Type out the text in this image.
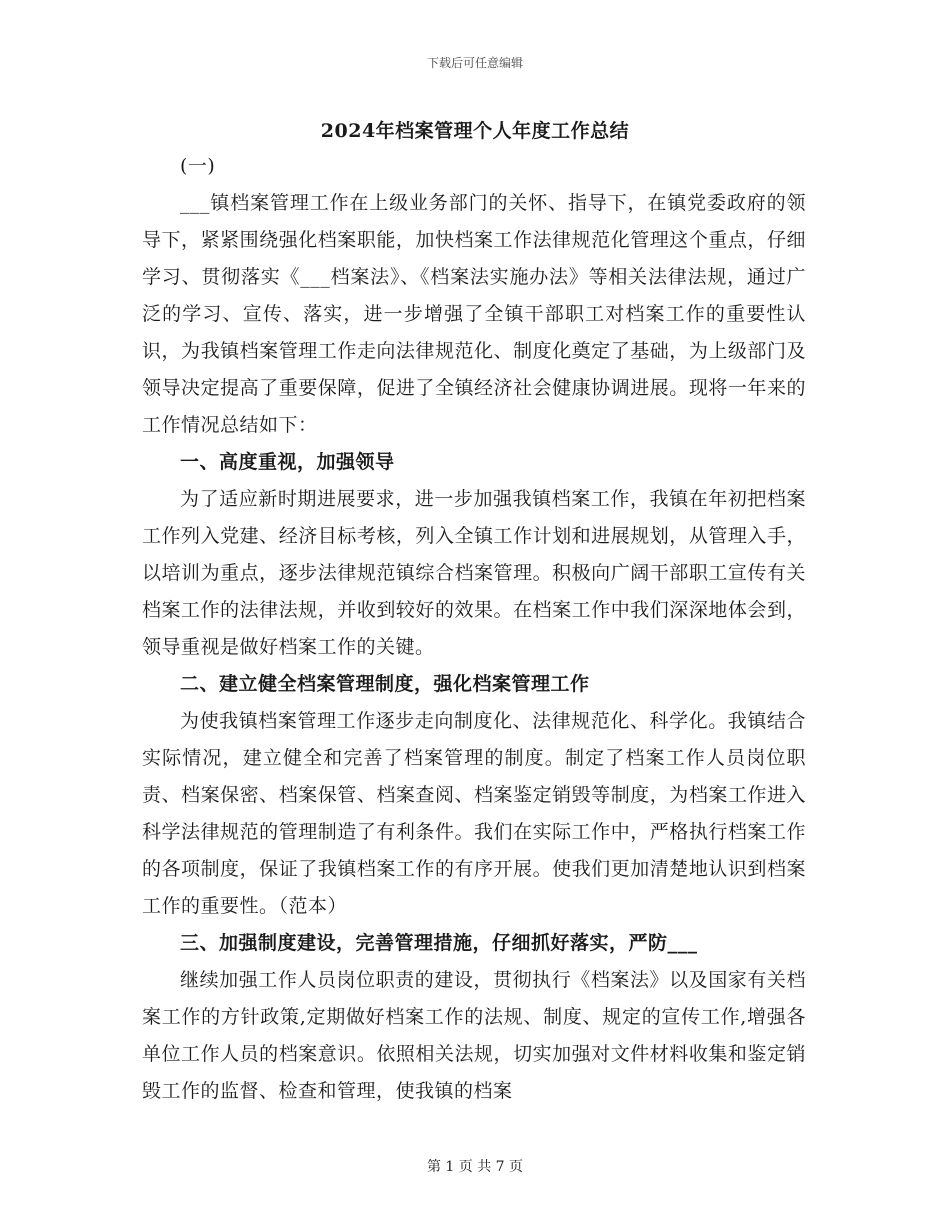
下载后可任意编辑
2024年档案管理个人年度工作总结

(一)

___镇档案管理工作在上级业务部门的关怀、指导下，在镇党委政府的领导下，紧紧围绕强化档案职能，加快档案工作法律规范化管理这个重点，仔细学习、贯彻落实《___档案法》、《档案法实施办法》等相关法律法规，通过广泛的学习、宣传、落实，进一步增强了全镇干部职工对档案工作的重要性认识，为我镇档案管理工作走向法律规范化、制度化奠定了基础，为上级部门及领导决定提高了重要保障，促进了全镇经济社会健康协调进展。现将一年来的工作情况总结如下：

一、高度重视，加强领导

为了适应新时期进展要求，进一步加强我镇档案工作，我镇在年初把档案工作列入党建、经济目标考核，列入全镇工作计划和进展规划，从管理入手，以培训为重点，逐步法律规范镇综合档案管理。积极向广阔干部职工宣传有关档案工作的法律法规，并收到较好的效果。在档案工作中我们深深地体会到，领导重视是做好档案工作的关键。

二、建立健全档案管理制度，强化档案管理工作

为使我镇档案管理工作逐步走向制度化、法律规范化、科学化。我镇结合实际情况，建立健全和完善了档案管理的制度。制定了档案工作人员岗位职责、档案保密、档案保管、档案查阅、档案鉴定销毁等制度，为档案工作进入科学法律规范的管理制造了有利条件。我们在实际工作中，严格执行档案工作的各项制度，保证了我镇档案工作的有序开展。使我们更加清楚地认识到档案工作的重要性。（范本）

三、加强制度建设，完善管理措施，仔细抓好落实，严防___

继续加强工作人员岗位职责的建设，贯彻执行《档案法》以及国家有关档案工作的方针政策,定期做好档案工作的法规、制度、规定的宣传工作,增强各单位工作人员的档案意识。依照相关法规，切实加强对文件材料收集和鉴定销毁工作的监督、检查和管理，使我镇的档案

第 1 页 共 7 页
